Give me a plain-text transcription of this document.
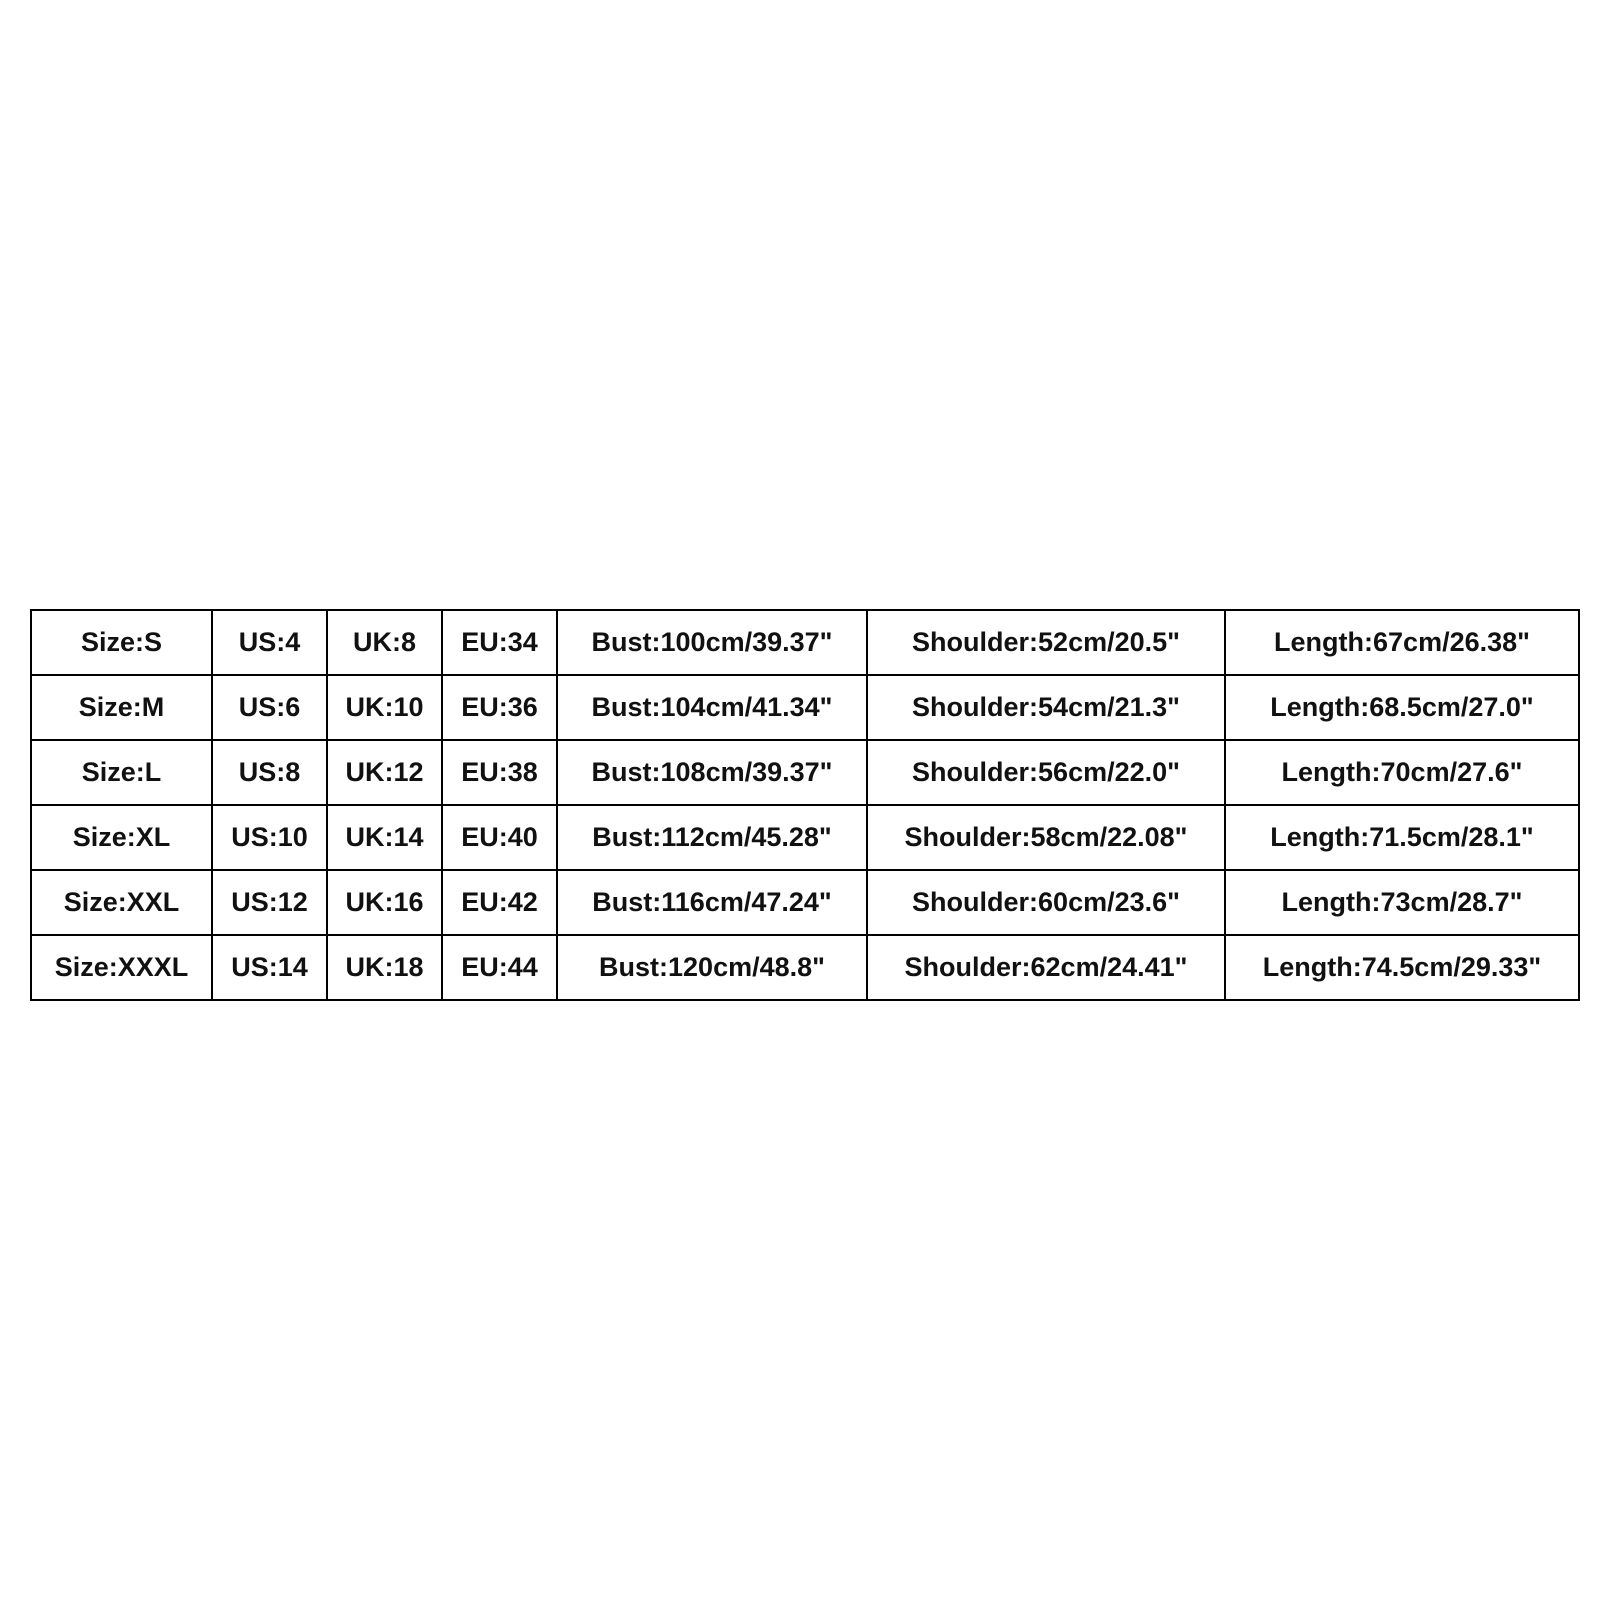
Size:S	US:4	UK:8	EU:34	Bust:100cm/39.37"	Shoulder:52cm/20.5"	Length:67cm/26.38"
Size:M	US:6	UK:10	EU:36	Bust:104cm/41.34"	Shoulder:54cm/21.3"	Length:68.5cm/27.0"
Size:L	US:8	UK:12	EU:38	Bust:108cm/39.37"	Shoulder:56cm/22.0"	Length:70cm/27.6"
Size:XL	US:10	UK:14	EU:40	Bust:112cm/45.28"	Shoulder:58cm/22.08"	Length:71.5cm/28.1"
Size:XXL	US:12	UK:16	EU:42	Bust:116cm/47.24"	Shoulder:60cm/23.6"	Length:73cm/28.7"
Size:XXXL	US:14	UK:18	EU:44	Bust:120cm/48.8"	Shoulder:62cm/24.41"	Length:74.5cm/29.33"
